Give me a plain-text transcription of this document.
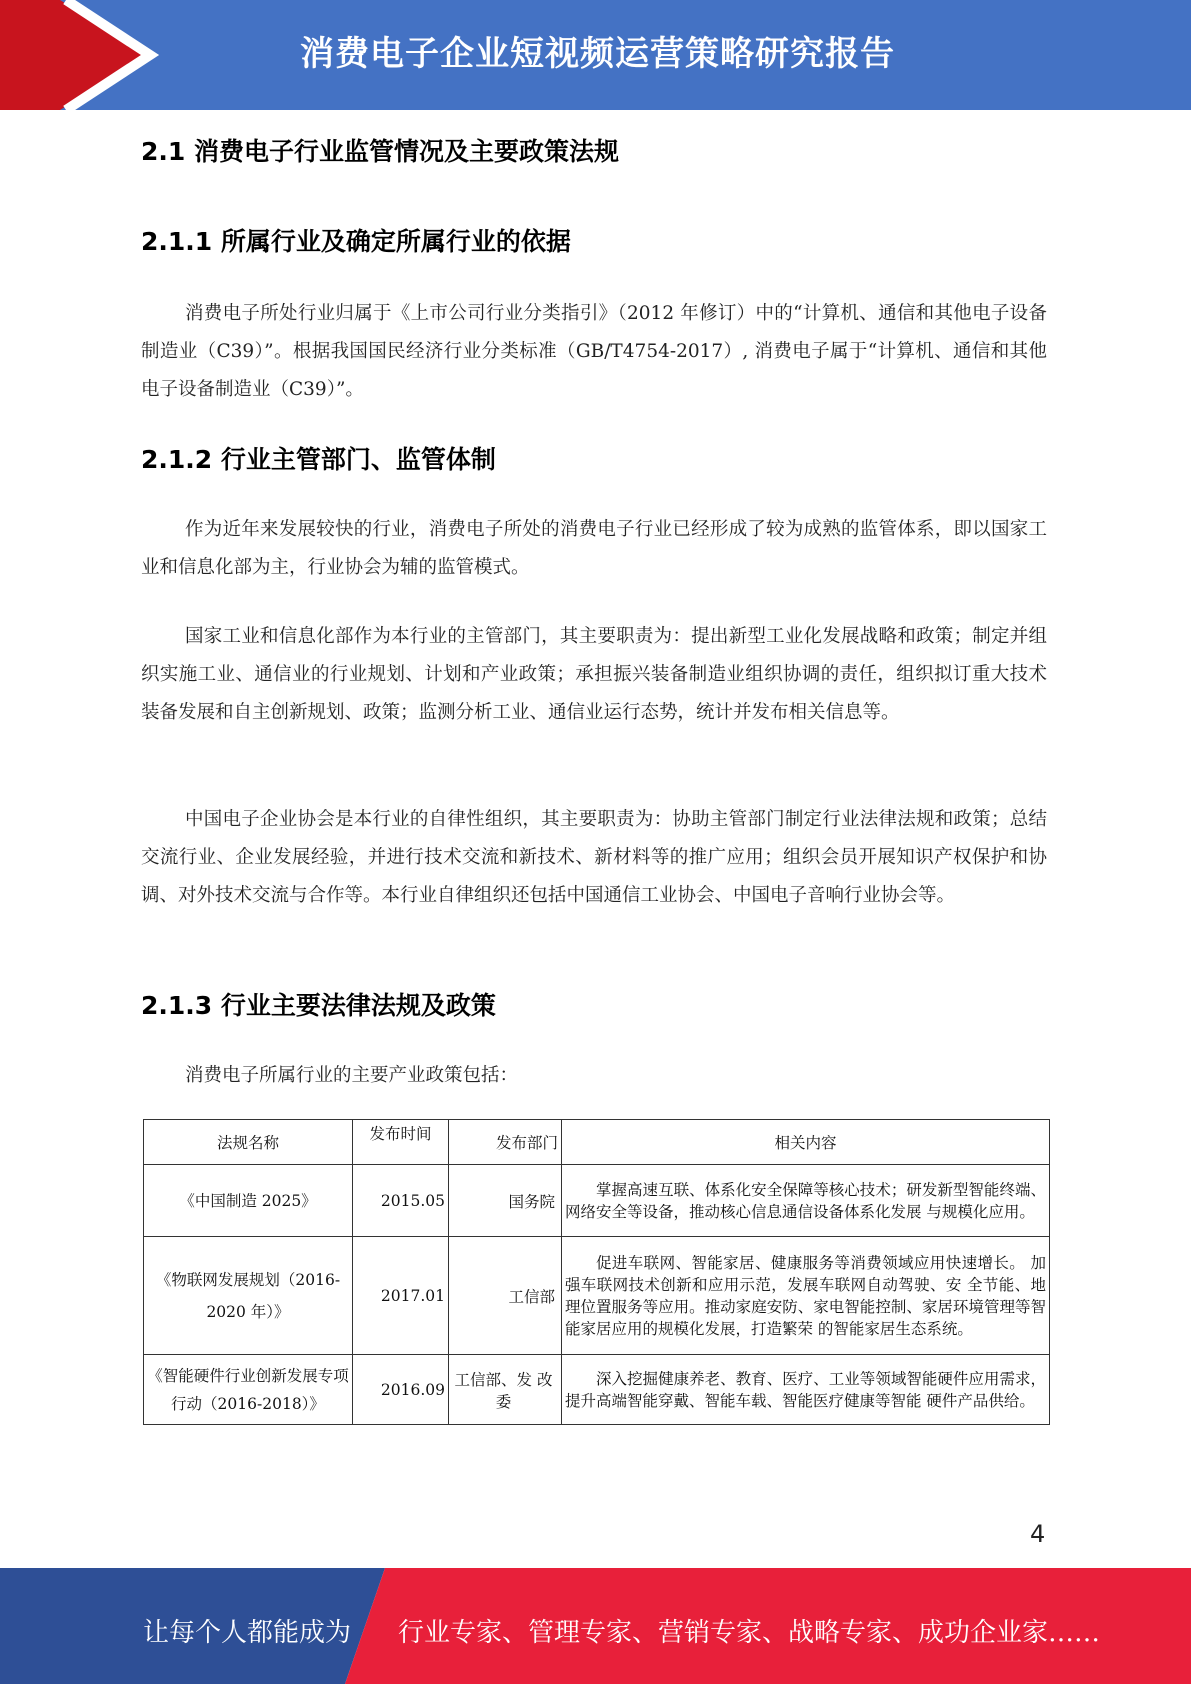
消费电子企业短视频运营策略研究报告
2.1 消费电子行业监管情况及主要政策法规
2.1.1 所属行业及确定所属行业的依据

消费电子所处行业归属于《上市公司行业分类指引》（2012 年修订）中的“计算机、通信和其他电子设备制造业（C39）”。根据我国国民经济行业分类标准（GB/T4754-2017）, 消费电子属于“计算机、通信和其他电子设备制造业（C39）”。

2.1.2 行业主管部门、监管体制

作为近年来发展较快的行业，消费电子所处的消费电子行业已经形成了较为成熟的监管体系，即以国家工业和信息化部为主，行业协会为辅的监管模式。

国家工业和信息化部作为本行业的主管部门，其主要职责为：提出新型工业化发展战略和政策；制定并组织实施工业、通信业的行业规划、计划和产业政策；承担振兴装备制造业组织协调的责任，组织拟订重大技术装备发展和自主创新规划、政策；监测分析工业、通信业运行态势，统计并发布相关信息等。

中国电子企业协会是本行业的自律性组织，其主要职责为：协助主管部门制定行业法律法规和政策；总结交流行业、企业发展经验，并进行技术交流和新技术、新材料等的推广应用；组织会员开展知识产权保护和协调、对外技术交流与合作等。本行业自律组织还包括中国通信工业协会、中国电子音响行业协会等。

2.1.3 行业主要法律法规及政策

消费电子所属行业的主要产业政策包括：

法规名称	发布时间	发布部门	相关内容
《中国制造 2025》	2015.05	国务院	掌握高速互联、体系化安全保障等核心技术；研发新型智能终端、网络安全等设备，推动核心信息通信设备体系化发展 与规模化应用。
《物联网发展规划（2016-2020 年）》	2017.01	工信部	促进车联网、智能家居、健康服务等消费领域应用快速增长。 加强车联网技术创新和应用示范，发展车联网自动驾驶、安 全节能、地理位置服务等应用。推动家庭安防、家电智能控制、家居环境管理等智能家居应用的规模化发展，打造繁荣 的智能家居生态系统。
《智能硬件行业创新发展专项行动（2016-2018）》	2016.09	工信部、发 改委	深入挖掘健康养老、教育、医疗、工业等领域智能硬件应用需求，提升高端智能穿戴、智能车载、智能医疗健康等智能 硬件产品供给。
4
让每个人都能成为 行业专家、管理专家、营销专家、战略专家、成功企业家……
